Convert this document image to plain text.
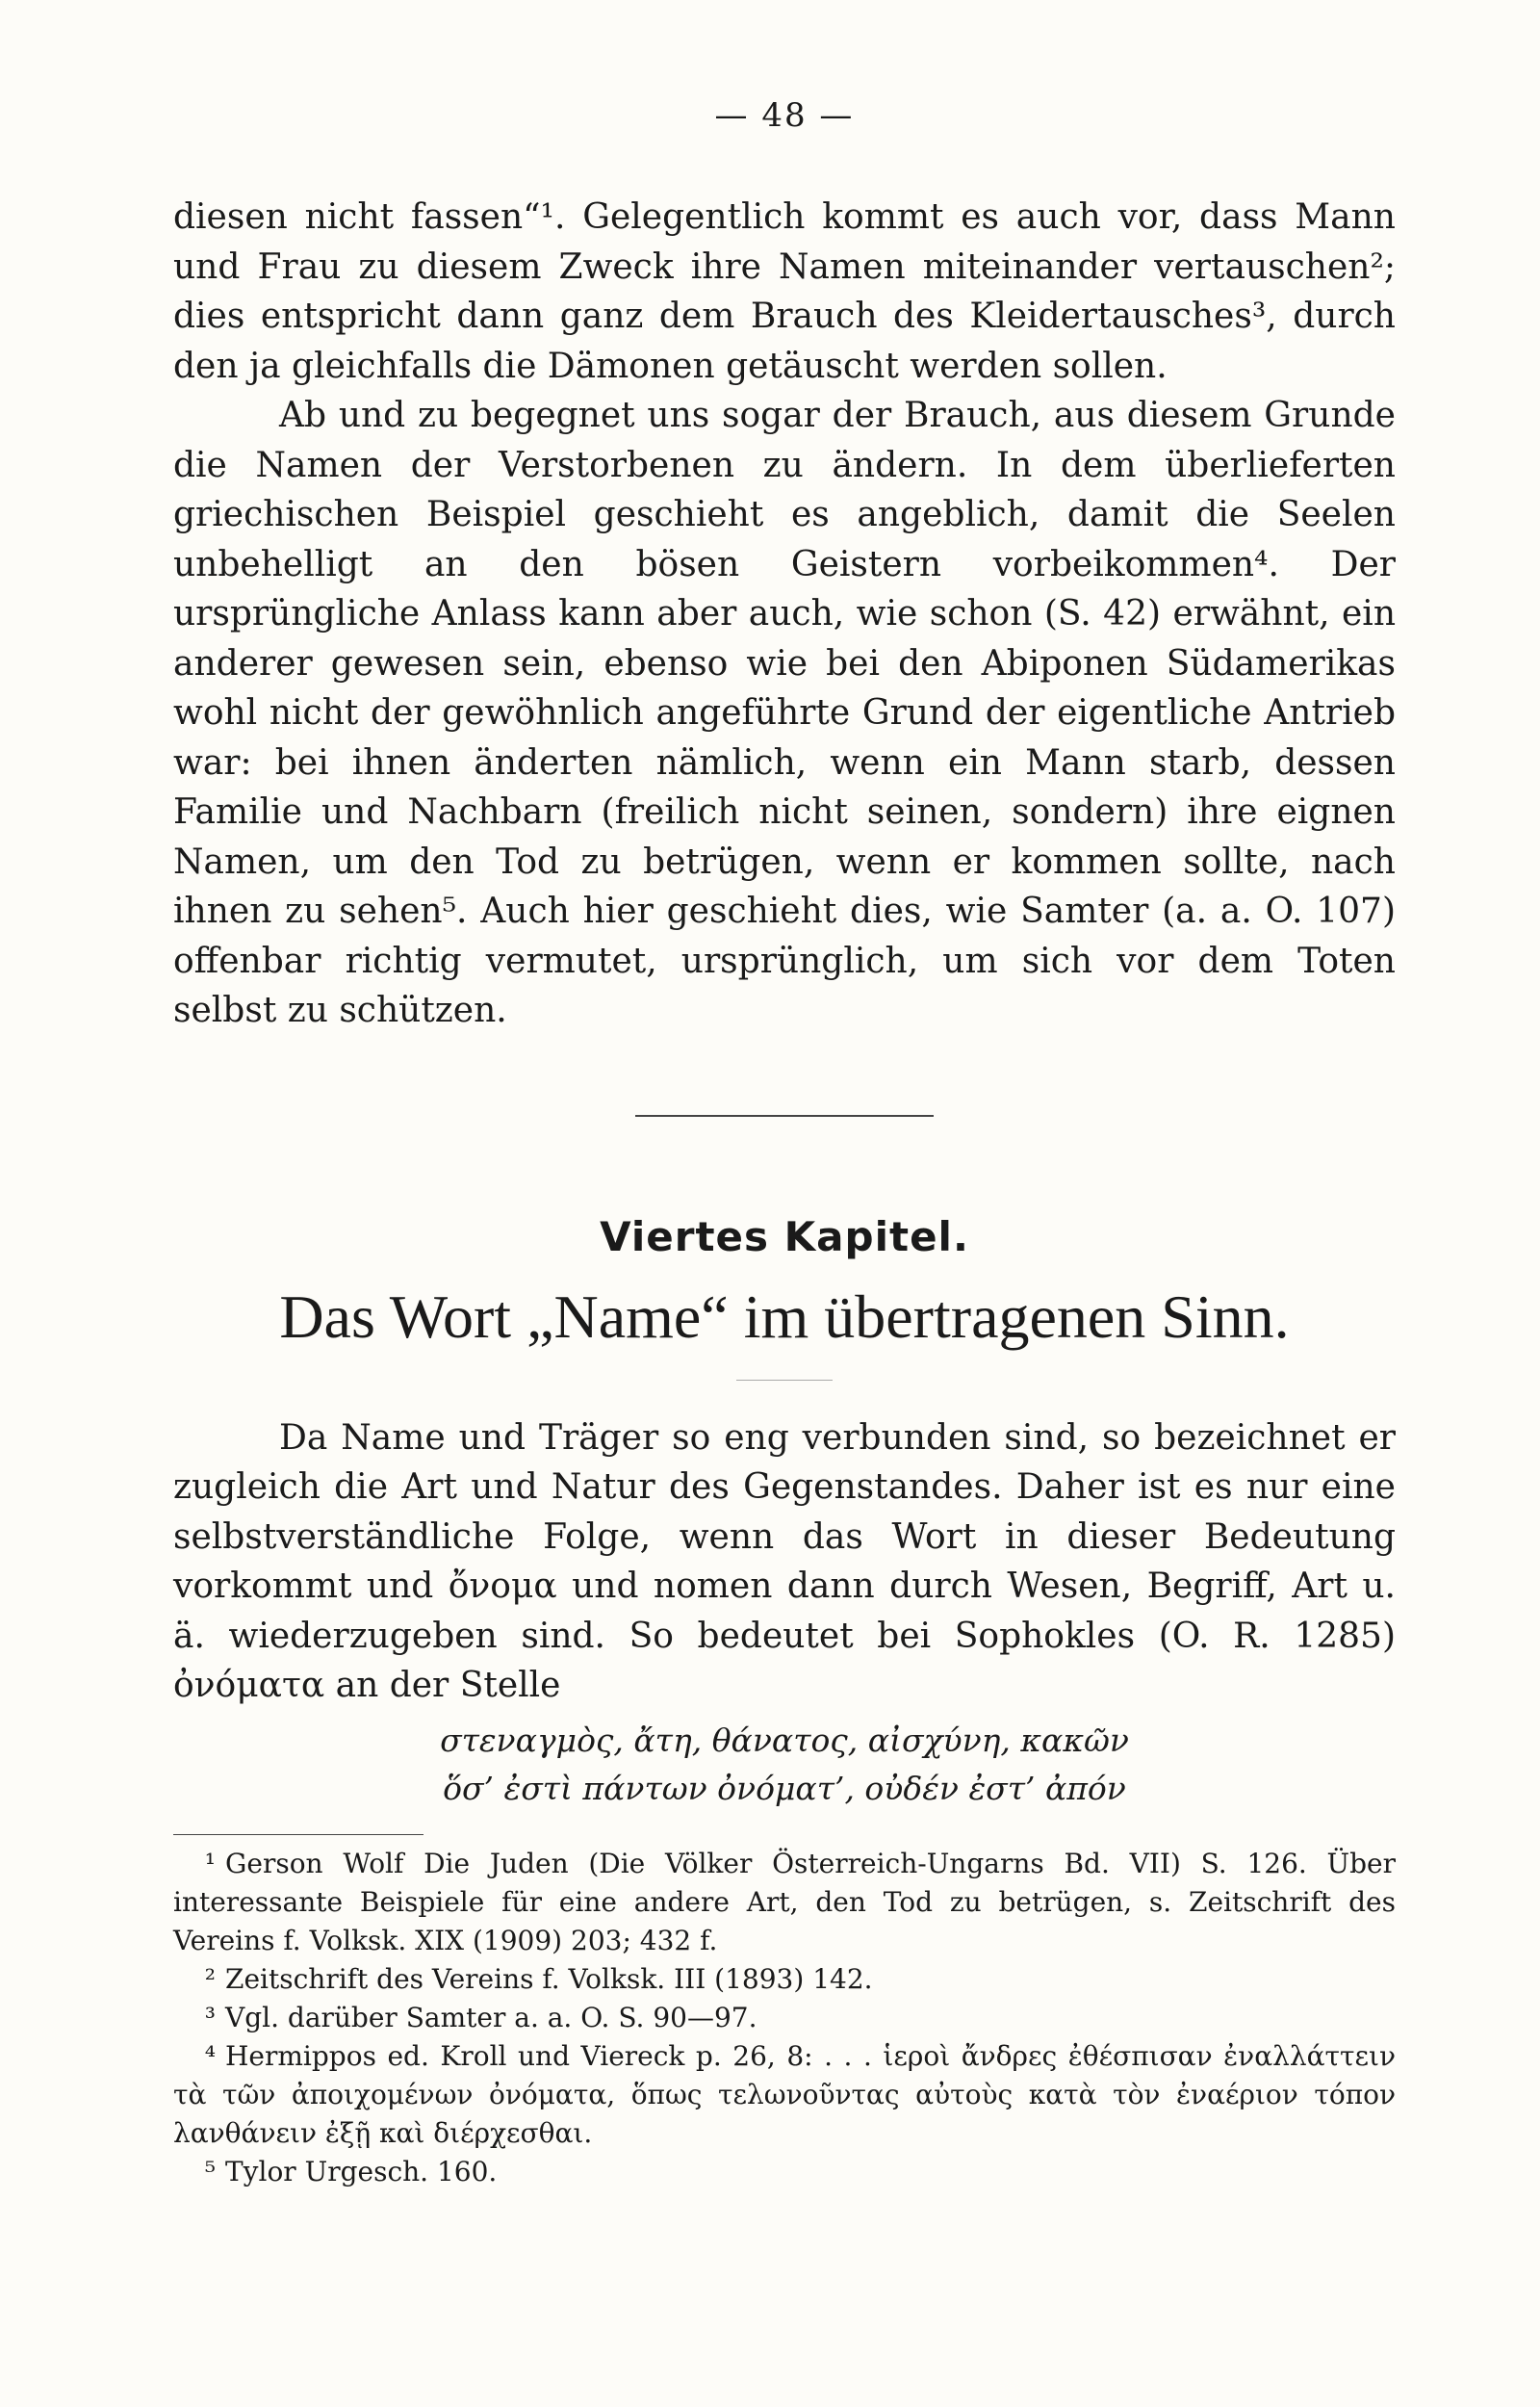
— 48 —

diesen nicht fassen“¹. Gelegentlich kommt es auch vor, dass Mann und Frau zu diesem Zweck ihre Namen miteinander vertauschen²; dies entspricht dann ganz dem Brauch des Kleidertausches³, durch den ja gleichfalls die Dämonen getäuscht werden sollen.

Ab und zu begegnet uns sogar der Brauch, aus diesem Grunde die Namen der Verstorbenen zu ändern. In dem überlieferten griechischen Beispiel geschieht es angeblich, damit die Seelen unbehelligt an den bösen Geistern vorbeikommen⁴. Der ursprüngliche Anlass kann aber auch, wie schon (S. 42) erwähnt, ein anderer gewesen sein, ebenso wie bei den Abiponen Südamerikas wohl nicht der gewöhnlich angeführte Grund der eigentliche Antrieb war: bei ihnen änderten nämlich, wenn ein Mann starb, dessen Familie und Nachbarn (freilich nicht seinen, sondern) ihre eignen Namen, um den Tod zu betrügen, wenn er kommen sollte, nach ihnen zu sehen⁵. Auch hier geschieht dies, wie Samter (a. a. O. 107) offenbar richtig vermutet, ursprünglich, um sich vor dem Toten selbst zu schützen.

Viertes Kapitel.
Das Wort „Name“ im übertragenen Sinn.

Da Name und Träger so eng verbunden sind, so bezeichnet er zugleich die Art und Natur des Gegenstandes. Daher ist es nur eine selbstverständliche Folge, wenn das Wort in dieser Bedeutung vorkommt und ὄνομα und nomen dann durch Wesen, Begriff, Art u. ä. wiederzugeben sind. So bedeutet bei Sophokles (O. R. 1285) ὀνόματα an der Stelle

στεναγμὸς, ἄτη, θάνατος, αἰσχύνη, κακῶν

ὅσ’ ἐστὶ πάντων ὀνόματ’, οὐδέν ἐστ’ ἀπόν

¹ Gerson Wolf Die Juden (Die Völker Österreich-Ungarns Bd. VII) S. 126. Über interessante Beispiele für eine andere Art, den Tod zu betrügen, s. Zeitschrift des Vereins f. Volksk. XIX (1909) 203; 432 f.

² Zeitschrift des Vereins f. Volksk. III (1893) 142.

³ Vgl. darüber Samter a. a. O. S. 90—97.

⁴ Hermippos ed. Kroll und Viereck p. 26, 8: . . . ἱεροὶ ἄνδρες ἐθέσπισαν ἐναλλάττειν τὰ τῶν ἀποιχομένων ὀνόματα, ὅπως τελωνοῦντας αὐτοὺς κατὰ τὸν ἐναέριον τόπον λανθάνειν ἐξῇ καὶ διέρχεσθαι.

⁵ Tylor Urgesch. 160.
